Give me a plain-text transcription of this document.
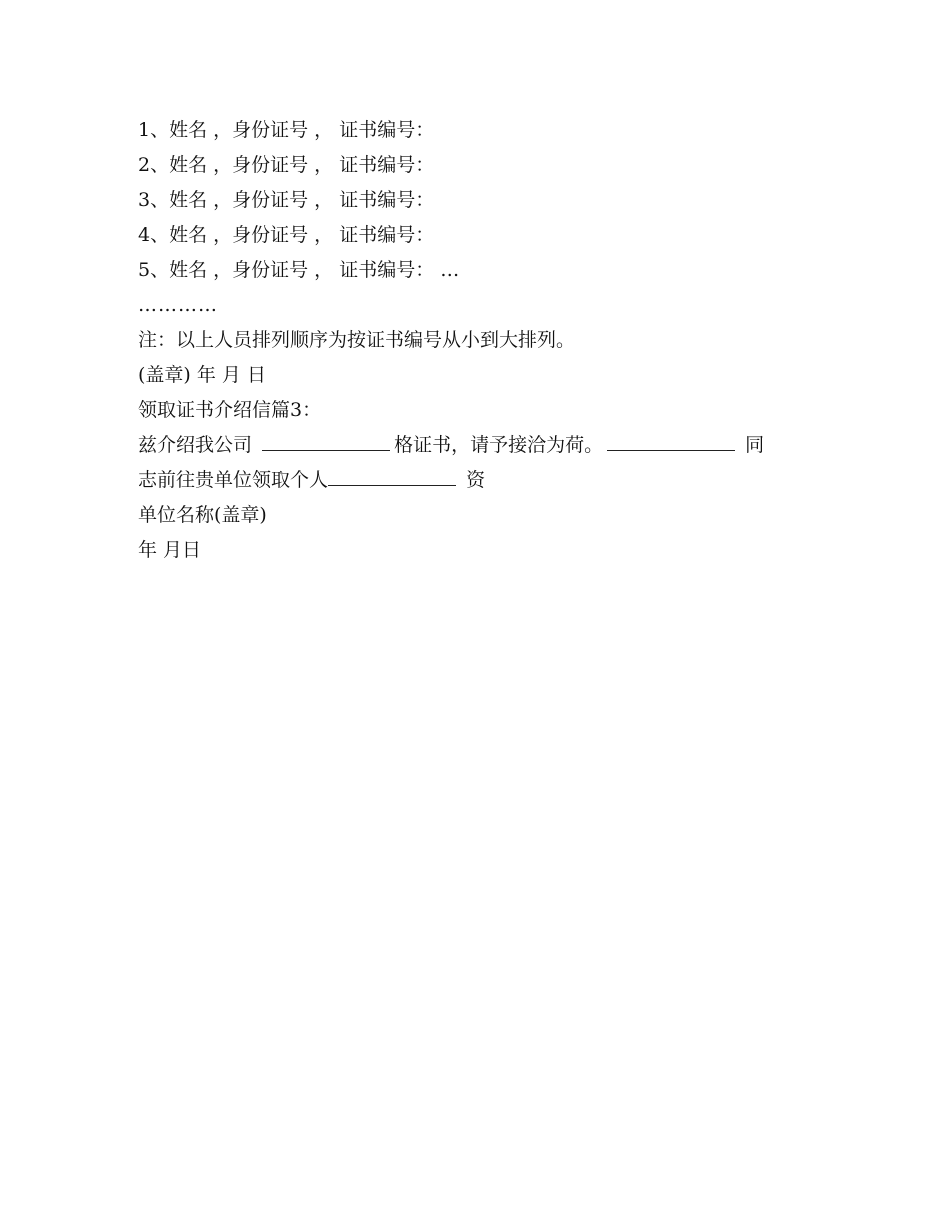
1、姓名 ，身份证号 ， 证书编号：
2、姓名 ，身份证号 ， 证书编号：
3、姓名 ，身份证号 ， 证书编号：
4、姓名 ，身份证号 ， 证书编号：
5、姓名 ，身份证号 ， 证书编号： …
…………
注：以上人员排列顺序为按证书编号从小到大排列。
(盖章) 年 月 日
领取证书介绍信篇3：
兹介绍我公司	格证书，请予接洽为荷。	同
志前往贵单位领取个人	资
单位名称(盖章)
年 月日
